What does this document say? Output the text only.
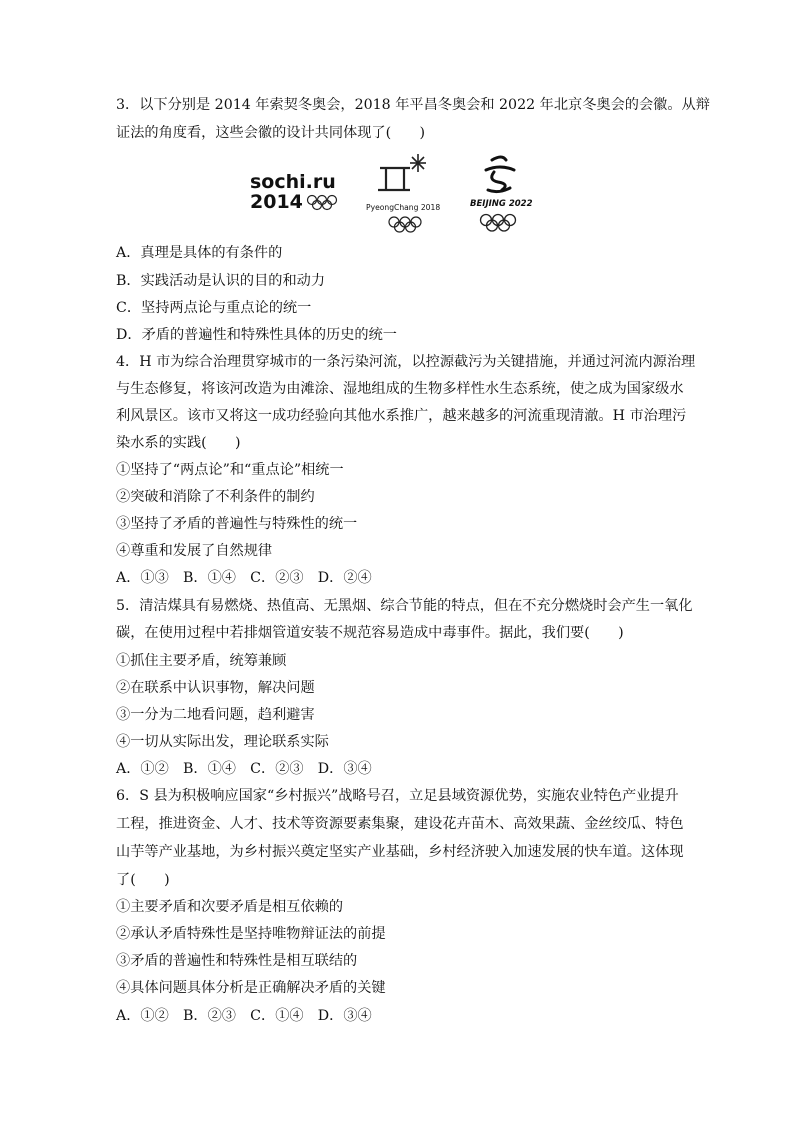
3．以下分别是 2014 年索契冬奥会，2018 年平昌冬奥会和 2022 年北京冬奥会的会徽。从辩
证法的角度看，这些会徽的设计共同体现了(　　)
sochi.ru
2014	PyeongChang 2018	BEIJING 2022
A．真理是具体的有条件的
B．实践活动是认识的目的和动力
C．坚持两点论与重点论的统一
D．矛盾的普遍性和特殊性具体的历史的统一
4．H 市为综合治理贯穿城市的一条污染河流，以控源截污为关键措施，并通过河流内源治理
与生态修复，将该河改造为由滩涂、湿地组成的生物多样性水生态系统，使之成为国家级水
利风景区。该市又将这一成功经验向其他水系推广，越来越多的河流重现清澈。H 市治理污
染水系的实践(　　)
①坚持了“两点论”和“重点论”相统一
②突破和消除了不利条件的制约
③坚持了矛盾的普遍性与特殊性的统一
④尊重和发展了自然规律
A．①③　B．①④　C．②③　D．②④
5．清洁煤具有易燃烧、热值高、无黑烟、综合节能的特点，但在不充分燃烧时会产生一氧化
碳，在使用过程中若排烟管道安装不规范容易造成中毒事件。据此，我们要(　　)
①抓住主要矛盾，统筹兼顾
②在联系中认识事物，解决问题
③一分为二地看问题，趋利避害
④一切从实际出发，理论联系实际
A．①②　B．①④　C．②③　D．③④
6．S 县为积极响应国家“乡村振兴”战略号召，立足县域资源优势，实施农业特色产业提升
工程，推进资金、人才、技术等资源要素集聚，建设花卉苗木、高效果蔬、金丝绞瓜、特色
山芋等产业基地，为乡村振兴奠定坚实产业基础，乡村经济驶入加速发展的快车道。这体现
了(　　)
①主要矛盾和次要矛盾是相互依赖的
②承认矛盾特殊性是坚持唯物辩证法的前提
③矛盾的普遍性和特殊性是相互联结的
④具体问题具体分析是正确解决矛盾的关键
A．①②　B．②③　C．①④　D．③④
